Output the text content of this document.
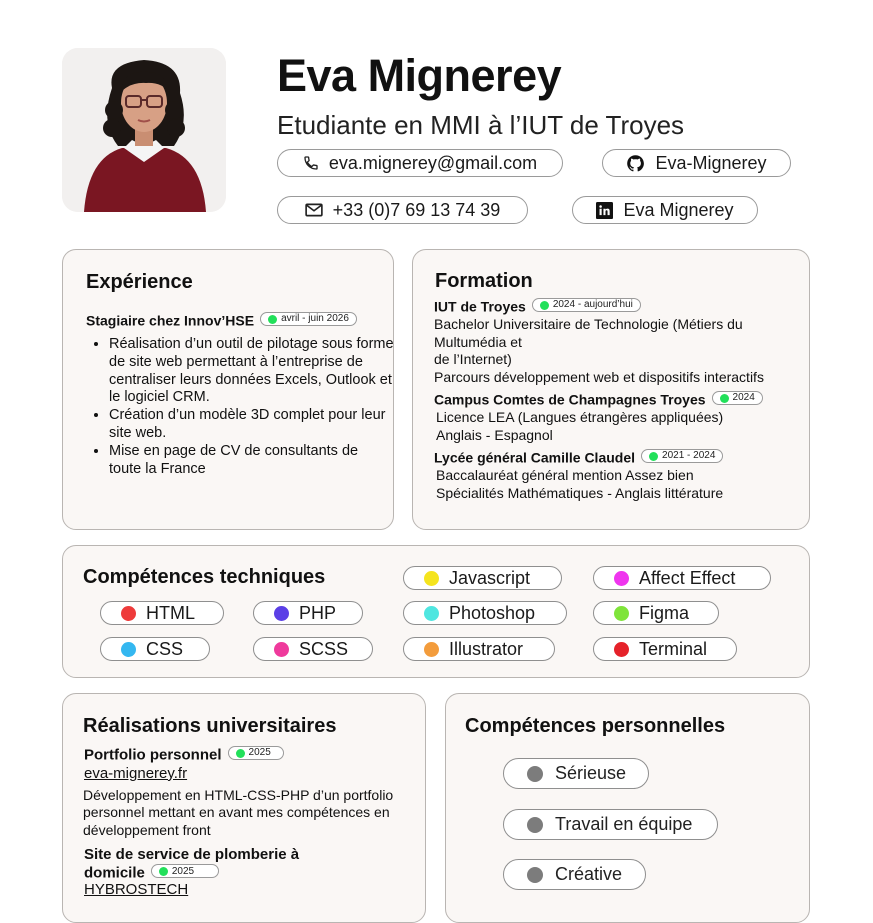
Eva Mignerey
Etudiante en MMI à l’IUT de Troyes
eva.mignerey@gmail.com	Eva-Mignerey
+33 (0)7 69 13 74 39	Eva Mignerey
Expérience
Stagiaire chez Innov’HSE	avril - juin 2026
• Réalisation d’un outil de pilotage sous forme de site web permettant à l’entreprise de centraliser leurs données Excels, Outlook et le logiciel CRM.
• Création d’un modèle 3D complet pour leur site web.
• Mise en page de CV de consultants de toute la France
Formation
IUT de Troyes	2024 - aujourd’hui
Bachelor Universitaire de Technologie (Métiers du Multumédia et
de l’Internet)
Parcours développement web et dispositifs interactifs
Campus Comtes de Champagnes Troyes	2024
Licence LEA (Langues étrangères appliquées)
Anglais - Espagnol
Lycée général Camille Claudel	2021 - 2024
Baccalauréat général mention Assez bien
Spécialités Mathématiques - Anglais littérature
Compétences techniques	Javascript	Affect Effect
HTML	PHP	Photoshop	Figma
CSS	SCSS	Illustrator	Terminal
Réalisations universitaires
Portfolio personnel	2025
eva-mignerey.fr
Développement en HTML-CSS-PHP d’un portfolio personnel mettant en avant mes compétences en développement front
Site de service de plomberie à
domicile	2025
HYBROSTECH
Compétences personnelles
Sérieuse
Travail en équipe
Créative
